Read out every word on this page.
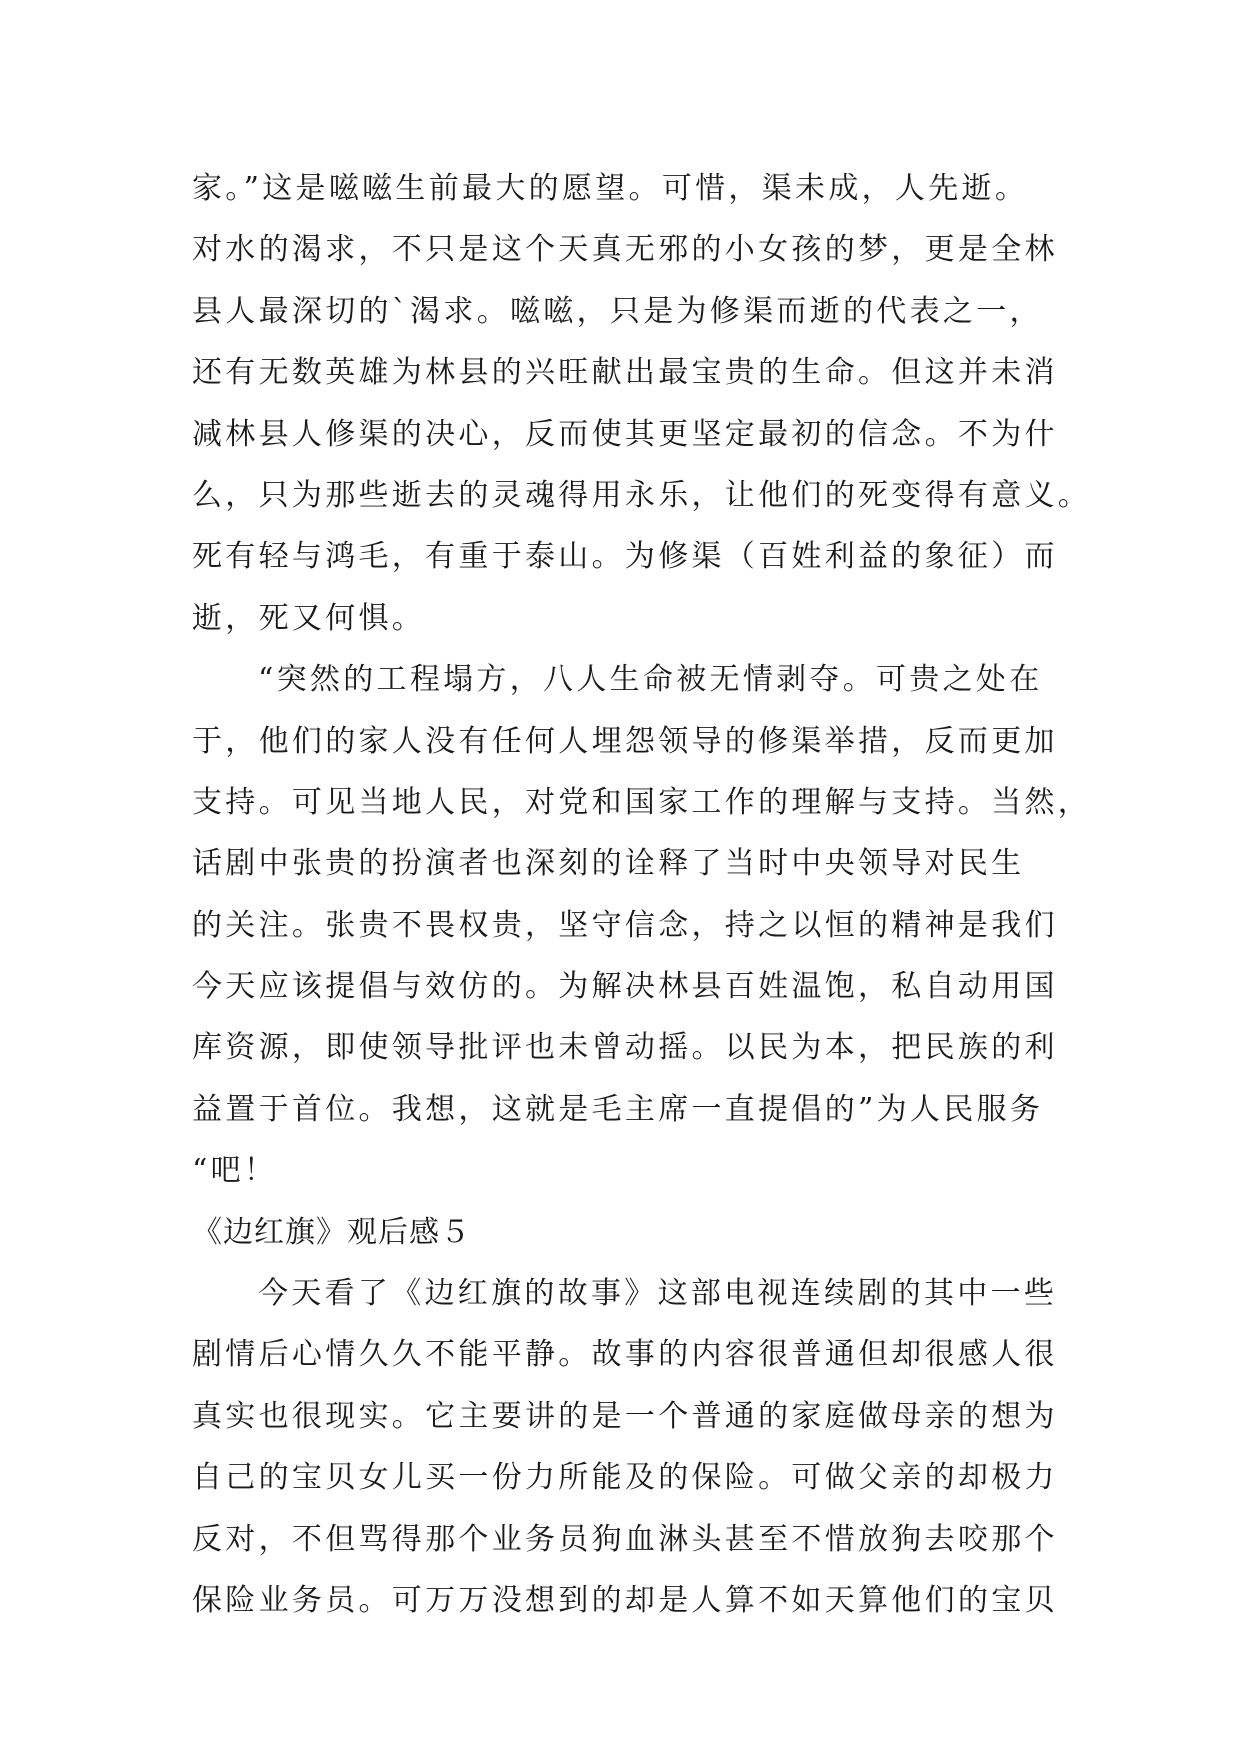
家。”这是嗞嗞生前最大的愿望。可惜，渠未成，人先逝。
对水的渴求，不只是这个天真无邪的小女孩的梦，更是全林
县人最深切的`渴求。嗞嗞，只是为修渠而逝的代表之一，
还有无数英雄为林县的兴旺献出最宝贵的生命。但这并未消
减林县人修渠的决心，反而使其更坚定最初的信念。不为什
么，只为那些逝去的灵魂得用永乐，让他们的死变得有意义。
死有轻与鸿毛，有重于泰山。为修渠（百姓利益的象征）而
逝，死又何惧。
“突然的工程塌方，八人生命被无情剥夺。可贵之处在
于，他们的家人没有任何人埋怨领导的修渠举措，反而更加
支持。可见当地人民，对党和国家工作的理解与支持。当然，
话剧中张贵的扮演者也深刻的诠释了当时中央领导对民生
的关注。张贵不畏权贵，坚守信念，持之以恒的精神是我们
今天应该提倡与效仿的。为解决林县百姓温饱，私自动用国
库资源，即使领导批评也未曾动摇。以民为本，把民族的利
益置于首位。我想，这就是毛主席一直提倡的”为人民服务
“吧！
《边红旗》观后感５
今天看了《边红旗的故事》这部电视连续剧的其中一些
剧情后心情久久不能平静。故事的内容很普通但却很感人很
真实也很现实。它主要讲的是一个普通的家庭做母亲的想为
自己的宝贝女儿买一份力所能及的保险。可做父亲的却极力
反对，不但骂得那个业务员狗血淋头甚至不惜放狗去咬那个
保险业务员。可万万没想到的却是人算不如天算他们的宝贝
